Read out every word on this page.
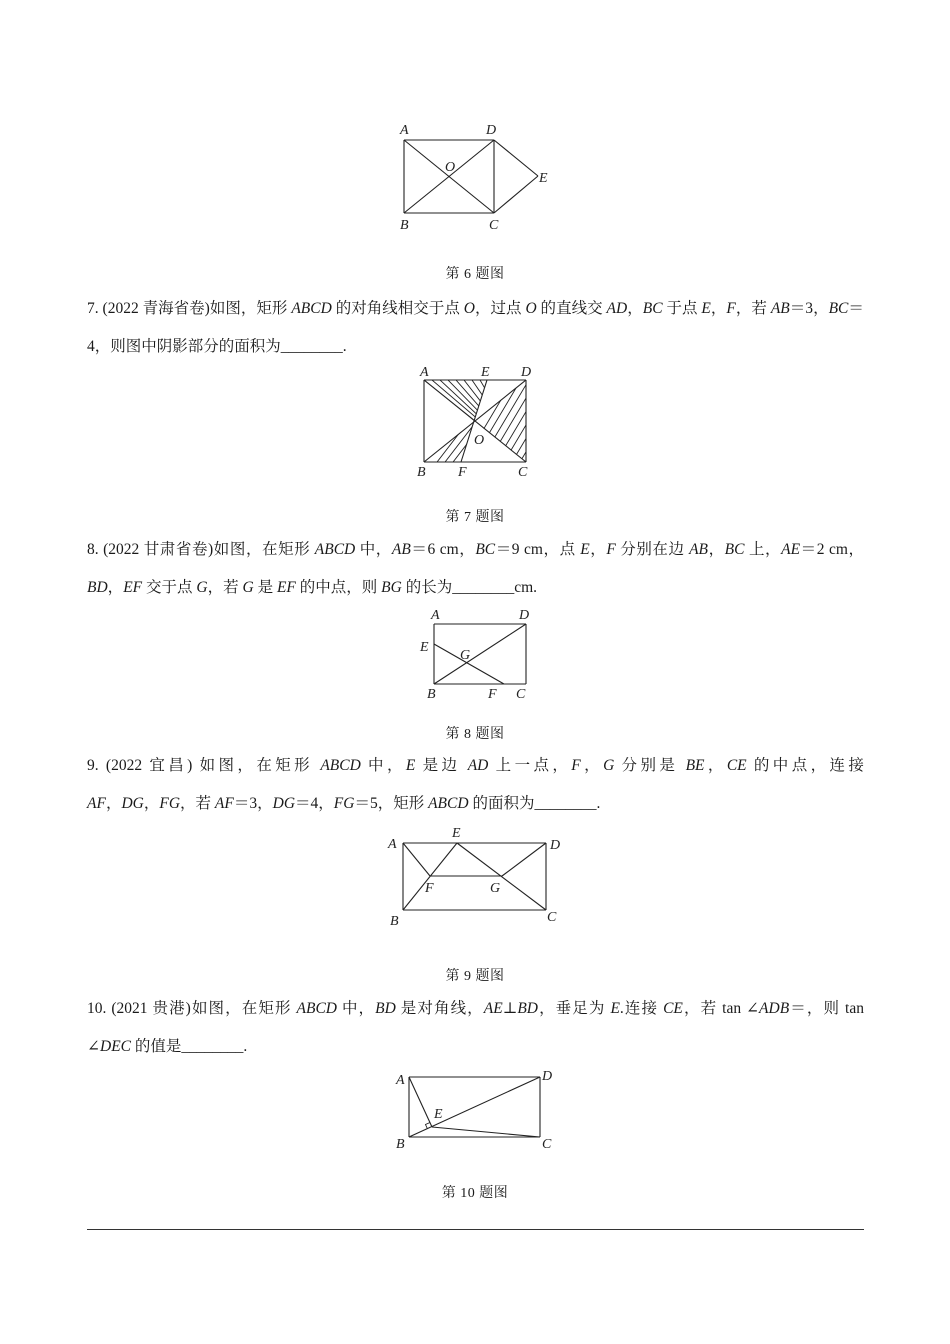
A	D
O
E
B	C
第 6 题图
7. (2022 青海省卷)如图，矩形 ABCD 的对角线相交于点 O，过点 O 的直线交 AD，BC 于点 E，F，若 AB＝3，BC＝4，则图中阴影部分的面积为________.
A	E D
O
B F	C
第 7 题图
8. (2022 甘肃省卷)如图，在矩形 ABCD 中，AB＝6 cm，BC＝9 cm，点 E，F 分别在边 AB，BC 上，AE＝2 cm，BD，EF 交于点 G，若 G 是 EF 的中点，则 BG 的长为________cm.
A	D
E
G
B	F C
第 8 题图
9. (2022 宜昌) 如图，在矩形 ABCD 中，E 是边 AD 上一点，F，G 分别是 BE，CE 的中点，连接
AF，DG，FG，若 AF＝3，DG＝4，FG＝5，矩形 ABCD 的面积为________.
A
E
D
F	G
B	C
第 9 题图
10. (2021 贵港)如图，在矩形 ABCD 中，BD 是对角线，AE⊥BD，垂足为 E.连接 CE，若 tan ∠ADB＝，则 tan ∠DEC 的值是________.
A	D
E
B	C
第 10 题图
